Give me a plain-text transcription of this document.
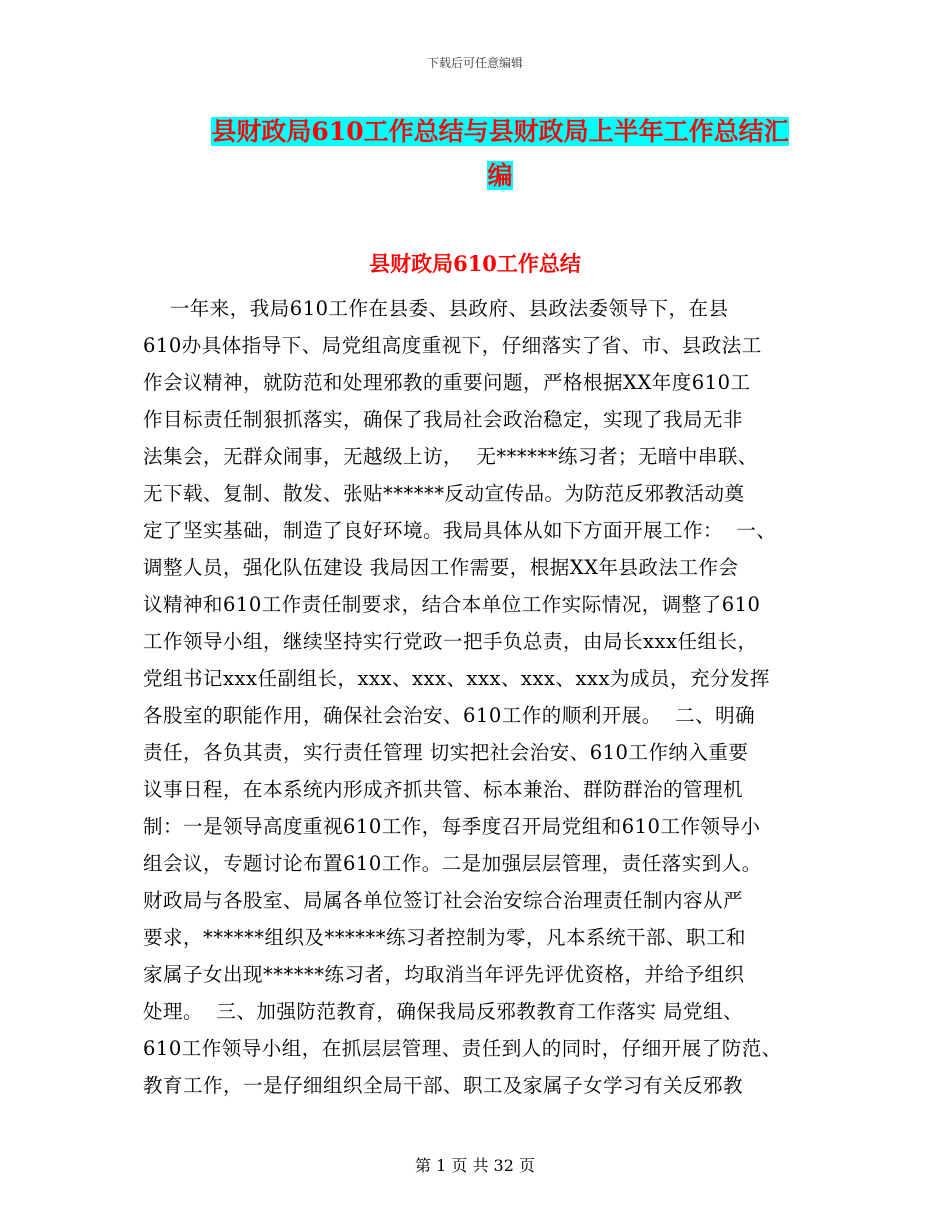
下载后可任意编辑
县财政局610工作总结与县财政局上半年工作总结汇
编
县财政局610工作总结
一年来，我局610工作在县委、县政府、县政法委领导下，在县
610办具体指导下、局党组高度重视下，仔细落实了省、市、县政法工
作会议精神，就防范和处理邪教的重要问题，严格根据XX年度610工
作目标责任制狠抓落实，确保了我局社会政治稳定，实现了我局无非
法集会，无群众闹事，无越级上访，  无******练习者；无暗中串联、
无下载、复制、散发、张贴******反动宣传品。为防范反邪教活动奠
定了坚实基础，制造了良好环境。我局具体从如下方面开展工作：  一、
调整人员，强化队伍建设 我局因工作需要，根据XX年县政法工作会
议精神和610工作责任制要求，结合本单位工作实际情况，调整了610
工作领导小组，继续坚持实行党政一把手负总责，由局长xxx任组长，
党组书记xxx任副组长，xxx、xxx、xxx、xxx、xxx为成员，充分发挥
各股室的职能作用，确保社会治安、610工作的顺利开展。  二、明确
责任，各负其责，实行责任管理 切实把社会治安、610工作纳入重要
议事日程，在本系统内形成齐抓共管、标本兼治、群防群治的管理机
制：一是领导高度重视610工作，每季度召开局党组和610工作领导小
组会议，专题讨论布置610工作。二是加强层层管理，责任落实到人。
财政局与各股室、局属各单位签订社会治安综合治理责任制内容从严
要求，******组织及******练习者控制为零，凡本系统干部、职工和
家属子女出现******练习者，均取消当年评先评优资格，并给予组织
处理。  三、加强防范教育，确保我局反邪教教育工作落实 局党组、
610工作领导小组，在抓层层管理、责任到人的同时，仔细开展了防范、
教育工作，一是仔细组织全局干部、职工及家属子女学习有关反邪教
第 1 页 共 32 页
